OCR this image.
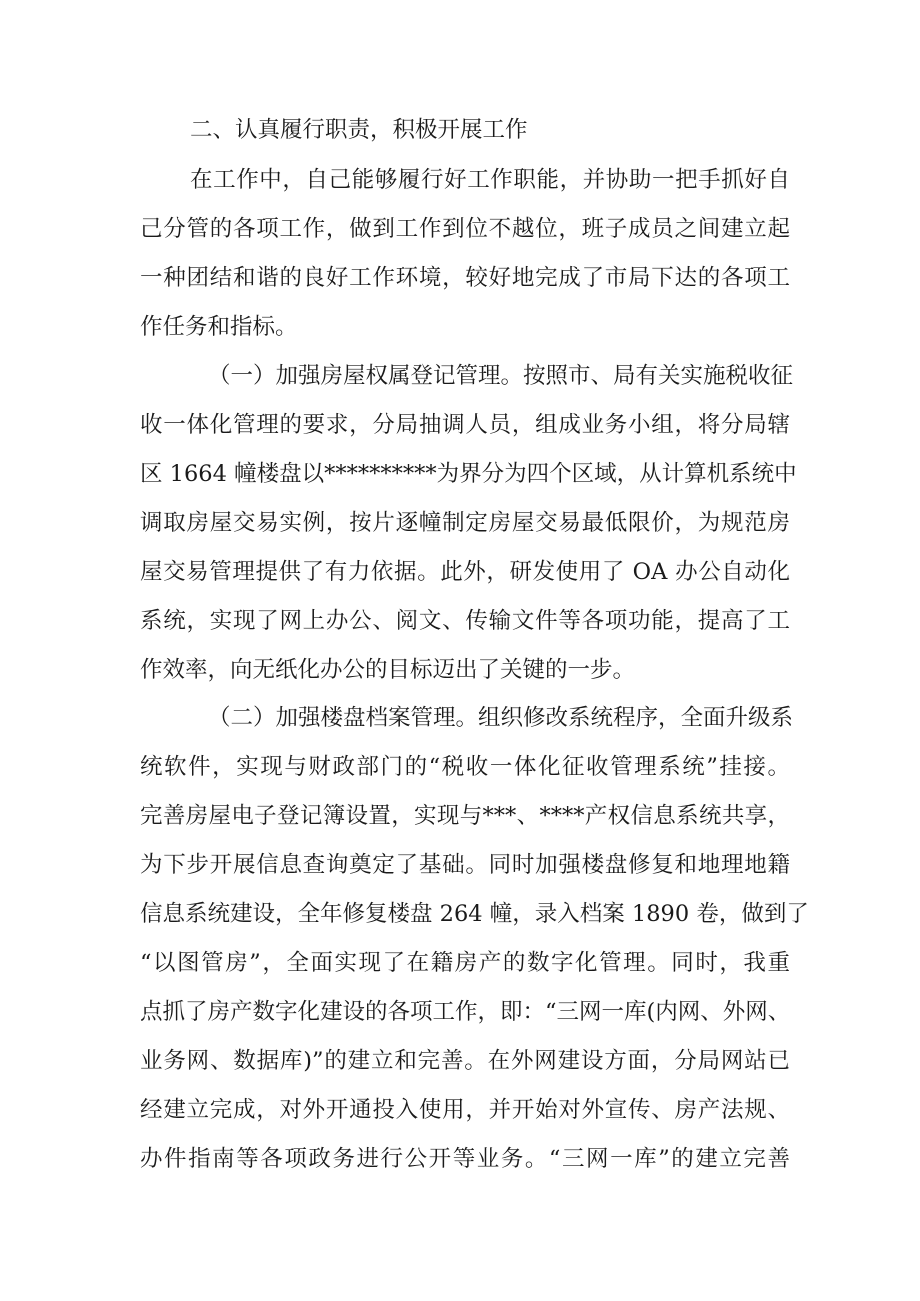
二、认真履行职责，积极开展工作
在工作中，自己能够履行好工作职能，并协助一把手抓好自
己分管的各项工作，做到工作到位不越位，班子成员之间建立起
一种团结和谐的良好工作环境，较好地完成了市局下达的各项工
作任务和指标。
（一）加强房屋权属登记管理。按照市、局有关实施税收征
收一体化管理的要求，分局抽调人员，组成业务小组，将分局辖
区 1664 幢楼盘以**********为界分为四个区域，从计算机系统中
调取房屋交易实例，按片逐幢制定房屋交易最低限价，为规范房
屋交易管理提供了有力依据。此外，研发使用了 OA 办公自动化
系统，实现了网上办公、阅文、传输文件等各项功能，提高了工
作效率，向无纸化办公的目标迈出了关键的一步。
（二）加强楼盘档案管理。组织修改系统程序，全面升级系
统软件，实现与财政部门的“税收一体化征收管理系统”挂接。
完善房屋电子登记簿设置，实现与***、****产权信息系统共享，
为下步开展信息查询奠定了基础。同时加强楼盘修复和地理地籍
信息系统建设，全年修复楼盘 264 幢，录入档案 1890 卷，做到了
“以图管房”，全面实现了在籍房产的数字化管理。同时，我重
点抓了房产数字化建设的各项工作，即：“三网一库(内网、外网、
业务网、数据库)”的建立和完善。在外网建设方面，分局网站已
经建立完成，对外开通投入使用，并开始对外宣传、房产法规、
办件指南等各项政务进行公开等业务。“三网一库”的建立完善
